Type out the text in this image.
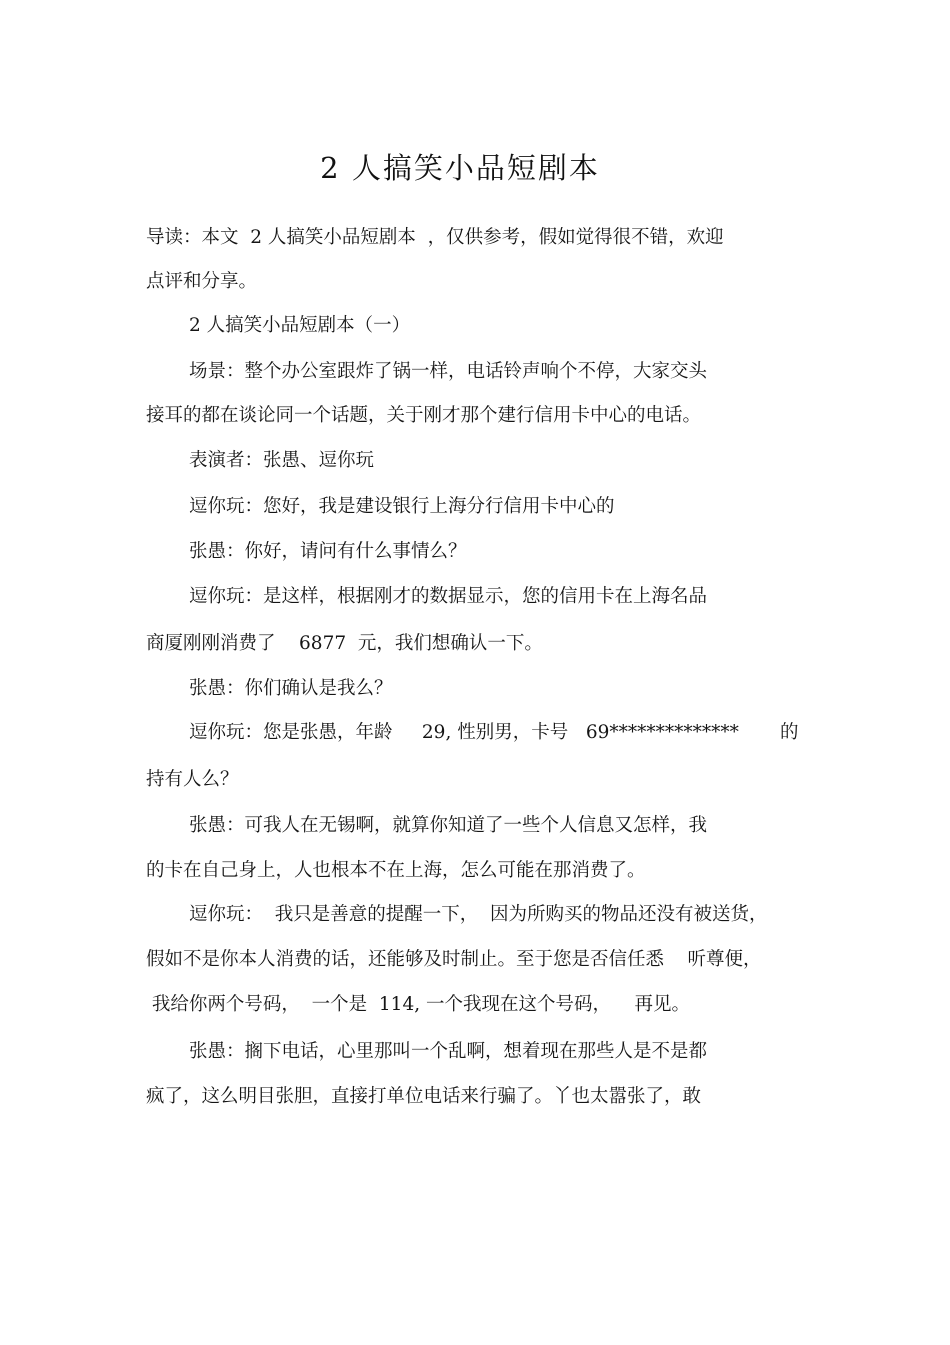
2 人搞笑小品短剧本
导读：本文  2 人搞笑小品短剧本  ，仅供参考，假如觉得很不错，欢迎
点评和分享。
2 人搞笑小品短剧本（一）
场景：整个办公室跟炸了锅一样，电话铃声响个不停，大家交头
接耳的都在谈论同一个话题，关于刚才那个建行信用卡中心的电话。
表演者：张愚、逗你玩
逗你玩：您好，我是建设银行上海分行信用卡中心的
张愚：你好，请问有什么事情么？
逗你玩：是这样，根据刚才的数据显示，您的信用卡在上海名品
商厦刚刚消费了    6877  元，我们想确认一下。
张愚：你们确认是我么？
逗你玩：您是张愚，年龄     29, 性别男，卡号   69**************       的
持有人么？
张愚：可我人在无锡啊，就算你知道了一些个人信息又怎样，我
的卡在自己身上，人也根本不在上海，怎么可能在那消费了。
逗你玩：  我只是善意的提醒一下，  因为所购买的物品还没有被送货，
假如不是你本人消费的话，还能够及时制止。至于您是否信任悉    听尊便，
我给你两个号码，  一个是  114, 一个我现在这个号码，    再见。
张愚：搁下电话，心里那叫一个乱啊，想着现在那些人是不是都
疯了，这么明目张胆，直接打单位电话来行骗了。丫也太嚣张了，敢
